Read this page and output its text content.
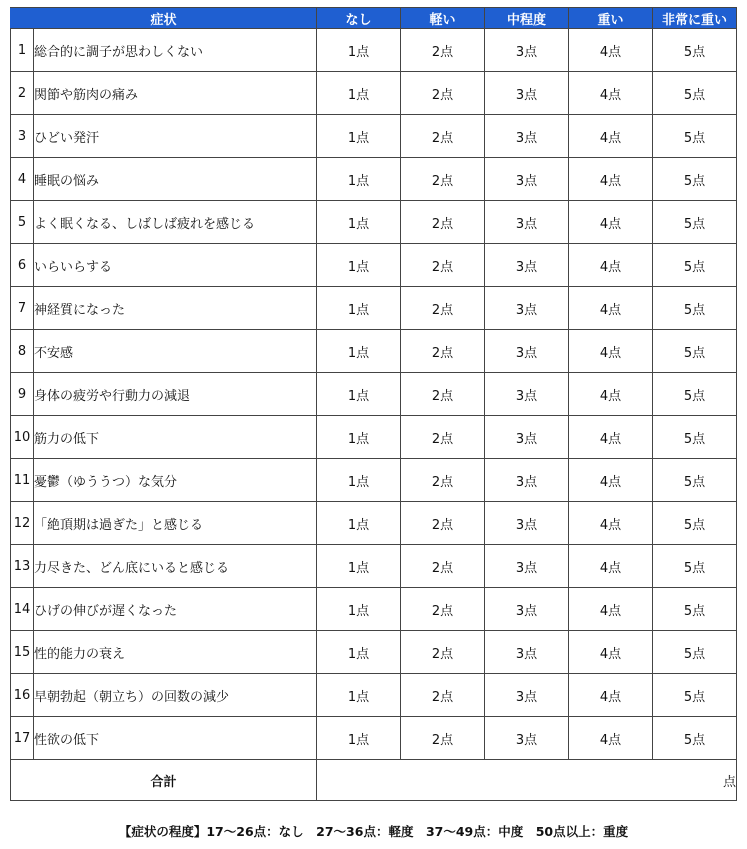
症状		なし	軽い	中程度	重い	非常に重い
1	総合的に調子が思わしくない	1点	2点	3点	4点	5点
2	関節や筋肉の痛み	1点	2点	3点	4点	5点
3	ひどい発汗	1点	2点	3点	4点	5点
4	睡眠の悩み	1点	2点	3点	4点	5点
5	よく眠くなる、しばしば疲れを感じる	1点	2点	3点	4点	5点
6	いらいらする	1点	2点	3点	4点	5点
7	神経質になった	1点	2点	3点	4点	5点
8	不安感	1点	2点	3点	4点	5点
9	身体の疲労や行動力の減退	1点	2点	3点	4点	5点
10	筋力の低下	1点	2点	3点	4点	5点
11	憂鬱（ゆううつ）な気分	1点	2点	3点	4点	5点
12	「絶頂期は過ぎた」と感じる	1点	2点	3点	4点	5点
13	力尽きた、どん底にいると感じる	1点	2点	3点	4点	5点
14	ひげの伸びが遅くなった	1点	2点	3点	4点	5点
15	性的能力の衰え	1点	2点	3点	4点	5点
16	早朝勃起（朝立ち）の回数の減少	1点	2点	3点	4点	5点
17	性欲の低下	1点	2点	3点	4点	5点
合計		点				
【症状の程度】17〜26点：なし　27〜36点：軽度　37〜49点：中度　50点以上：重度
